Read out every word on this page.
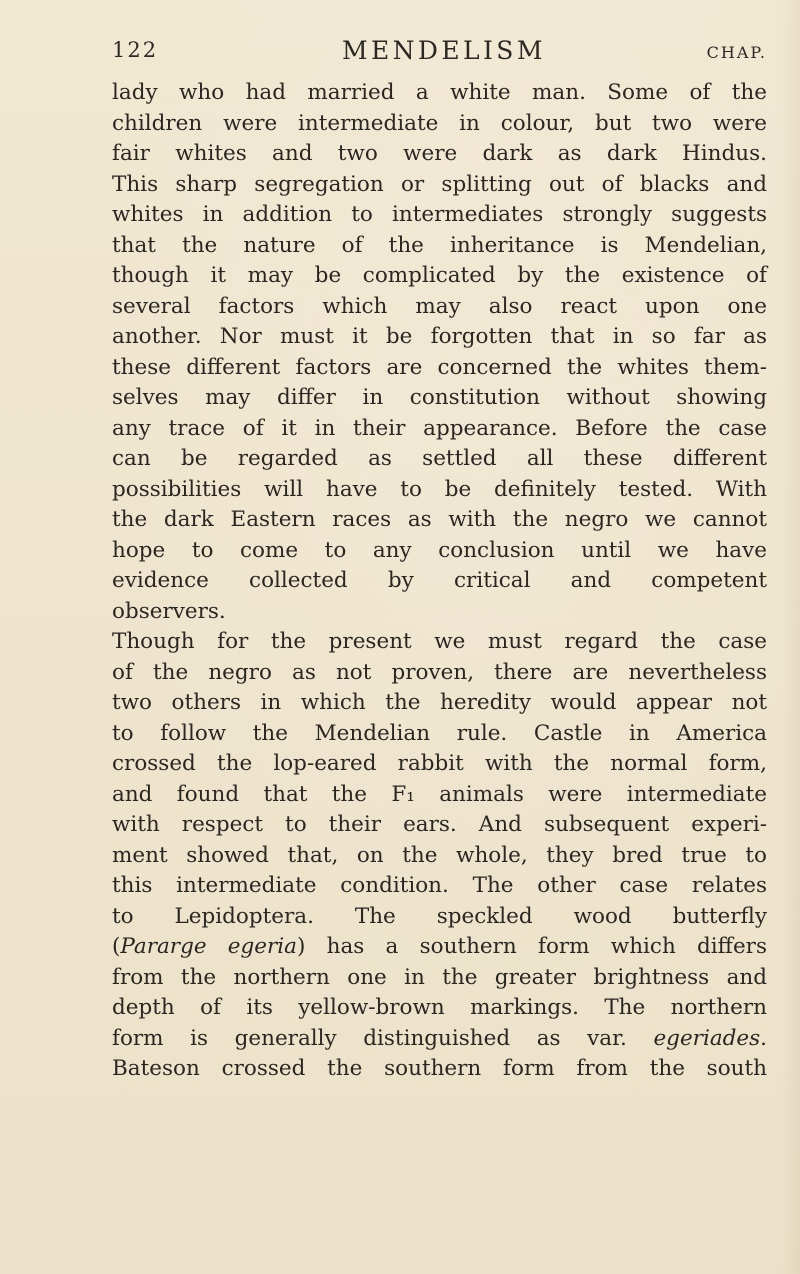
122	MENDELISM	CHAP.
lady who had married a white man. Some of the
children were intermediate in colour, but two were
fair whites and two were dark as dark Hindus.
This sharp segregation or splitting out of blacks and
whites in addition to intermediates strongly suggests
that the nature of the inheritance is Mendelian,
though it may be complicated by the existence of
several factors which may also react upon one
another. Nor must it be forgotten that in so far as
these different factors are concerned the whites them-
selves may differ in constitution without showing
any trace of it in their appearance. Before the case
can be regarded as settled all these different
possibilities will have to be definitely tested. With
the dark Eastern races as with the negro we cannot
hope to come to any conclusion until we have
evidence collected by critical and competent
observers.
Though for the present we must regard the case
of the negro as not proven, there are nevertheless
two others in which the heredity would appear not
to follow the Mendelian rule. Castle in America
crossed the lop-eared rabbit with the normal form,
and found that the F₁ animals were intermediate
with respect to their ears. And subsequent experi-
ment showed that, on the whole, they bred true to
this intermediate condition. The other case relates
to Lepidoptera. The speckled wood butterfly
(Pararge egeria) has a southern form which differs
from the northern one in the greater brightness and
depth of its yellow-brown markings. The northern
form is generally distinguished as var. egeriades.
Bateson crossed the southern form from the south
